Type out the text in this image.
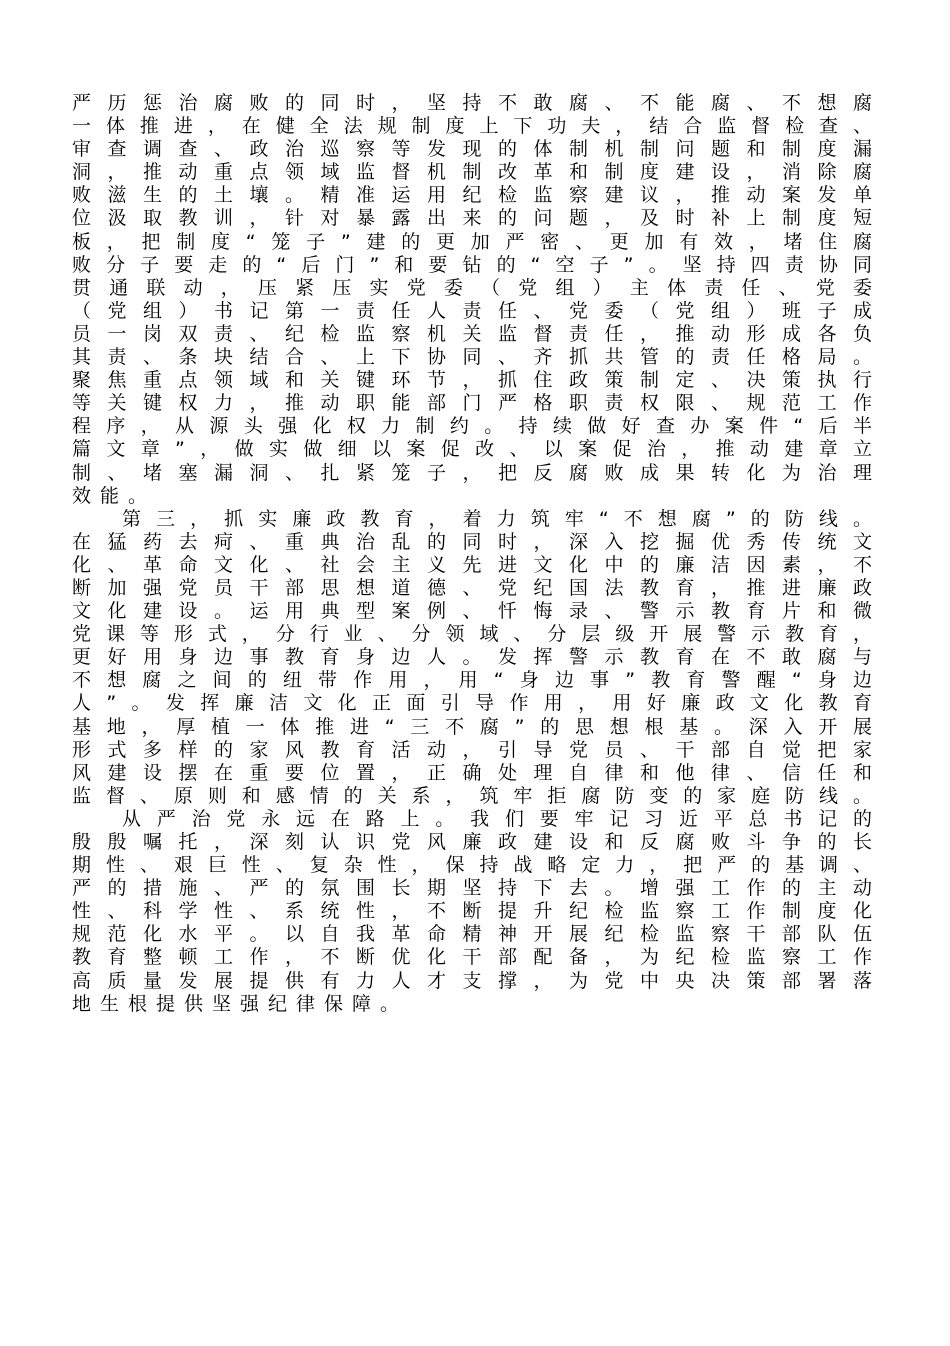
严历惩治腐败的同时，坚持不敢腐、不能腐、不想腐
一体推进，在健全法规制度上下功夫，结合监督检查、
审查调查、政治巡察等发现的体制机制问题和制度漏
洞，推动重点领域监督机制改革和制度建设，消除腐
败滋生的土壤。精准运用纪检监察建议，推动案发单
位汲取教训，针对暴露出来的问题，及时补上制度短
板，把制度“笼子”建的更加严密、更加有效，堵住腐
败分子要走的“后门”和要钻的“空子”。坚持四责协同
贯通联动，压紧压实党委（党组）主体责任、党委
（党组）书记第一责任人责任、党委（党组）班子成
员一岗双责、纪检监察机关监督责任，推动形成各负
其责、条块结合、上下协同、齐抓共管的责任格局。
聚焦重点领域和关键环节，抓住政策制定、决策执行
等关键权力，推动职能部门严格职责权限、规范工作
程序，从源头强化权力制约。持续做好查办案件“后半
篇文章”，做实做细以案促改、以案促治，推动建章立
制、堵塞漏洞、扎紧笼子，把反腐败成果转化为治理
效能。
第三，抓实廉政教育，着力筑牢“不想腐”的防线。
在猛药去疴、重典治乱的同时，深入挖掘优秀传统文
化、革命文化、社会主义先进文化中的廉洁因素，不
断加强党员干部思想道德、党纪国法教育，推进廉政
文化建设。运用典型案例、忏悔录、警示教育片和微
党课等形式，分行业、分领域、分层级开展警示教育，
更好用身边事教育身边人。发挥警示教育在不敢腐与
不想腐之间的纽带作用，用“身边事”教育警醒“身边
人”。发挥廉洁文化正面引导作用，用好廉政文化教育
基地，厚植一体推进“三不腐”的思想根基。深入开展
形式多样的家风教育活动，引导党员、干部自觉把家
风建设摆在重要位置，正确处理自律和他律、信任和
监督、原则和感情的关系，筑牢拒腐防变的家庭防线。
从严治党永远在路上。我们要牢记习近平总书记的
殷殷嘱托，深刻认识党风廉政建设和反腐败斗争的长
期性、艰巨性、复杂性，保持战略定力，把严的基调、
严的措施、严的氛围长期坚持下去。增强工作的主动
性、科学性、系统性，不断提升纪检监察工作制度化
规范化水平。以自我革命精神开展纪检监察干部队伍
教育整顿工作，不断优化干部配备，为纪检监察工作
高质量发展提供有力人才支撑，为党中央决策部署落
地生根提供坚强纪律保障。
